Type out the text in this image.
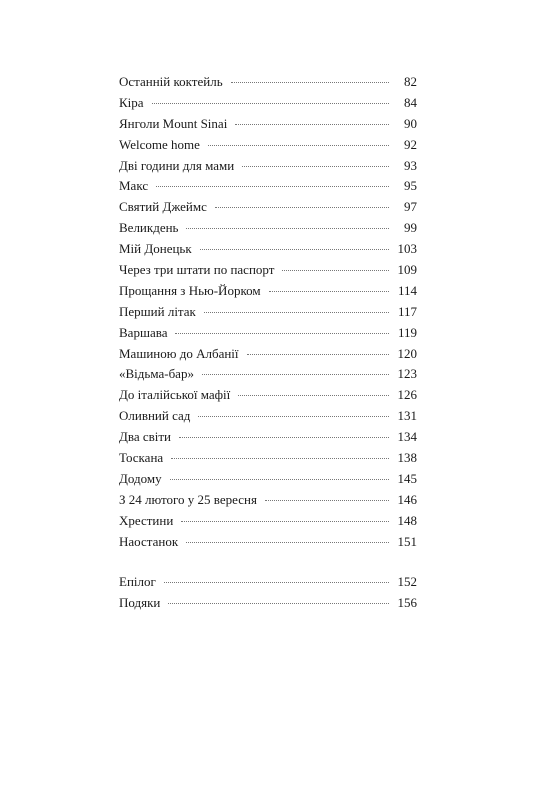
Останній коктейль	82
Кіра	84
Янголи Mount Sinai	90
Welcome home	92
Дві години для мами	93
Макс	95
Святий Джеймс	97
Великдень	99
Мій Донецьк	103
Через три штати по паспорт	109
Прощання з Нью-Йорком	114
Перший літак	117
Варшава	119
Машиною до Албанії	120
«Відьма-бар»	123
До італійської мафії	126
Оливний сад	131
Два світи	134
Тоскана	138
Додому	145
З 24 лютого у 25 вересня	146
Хрестини	148
Наостанок	151
Епілог	152
Подяки	156
